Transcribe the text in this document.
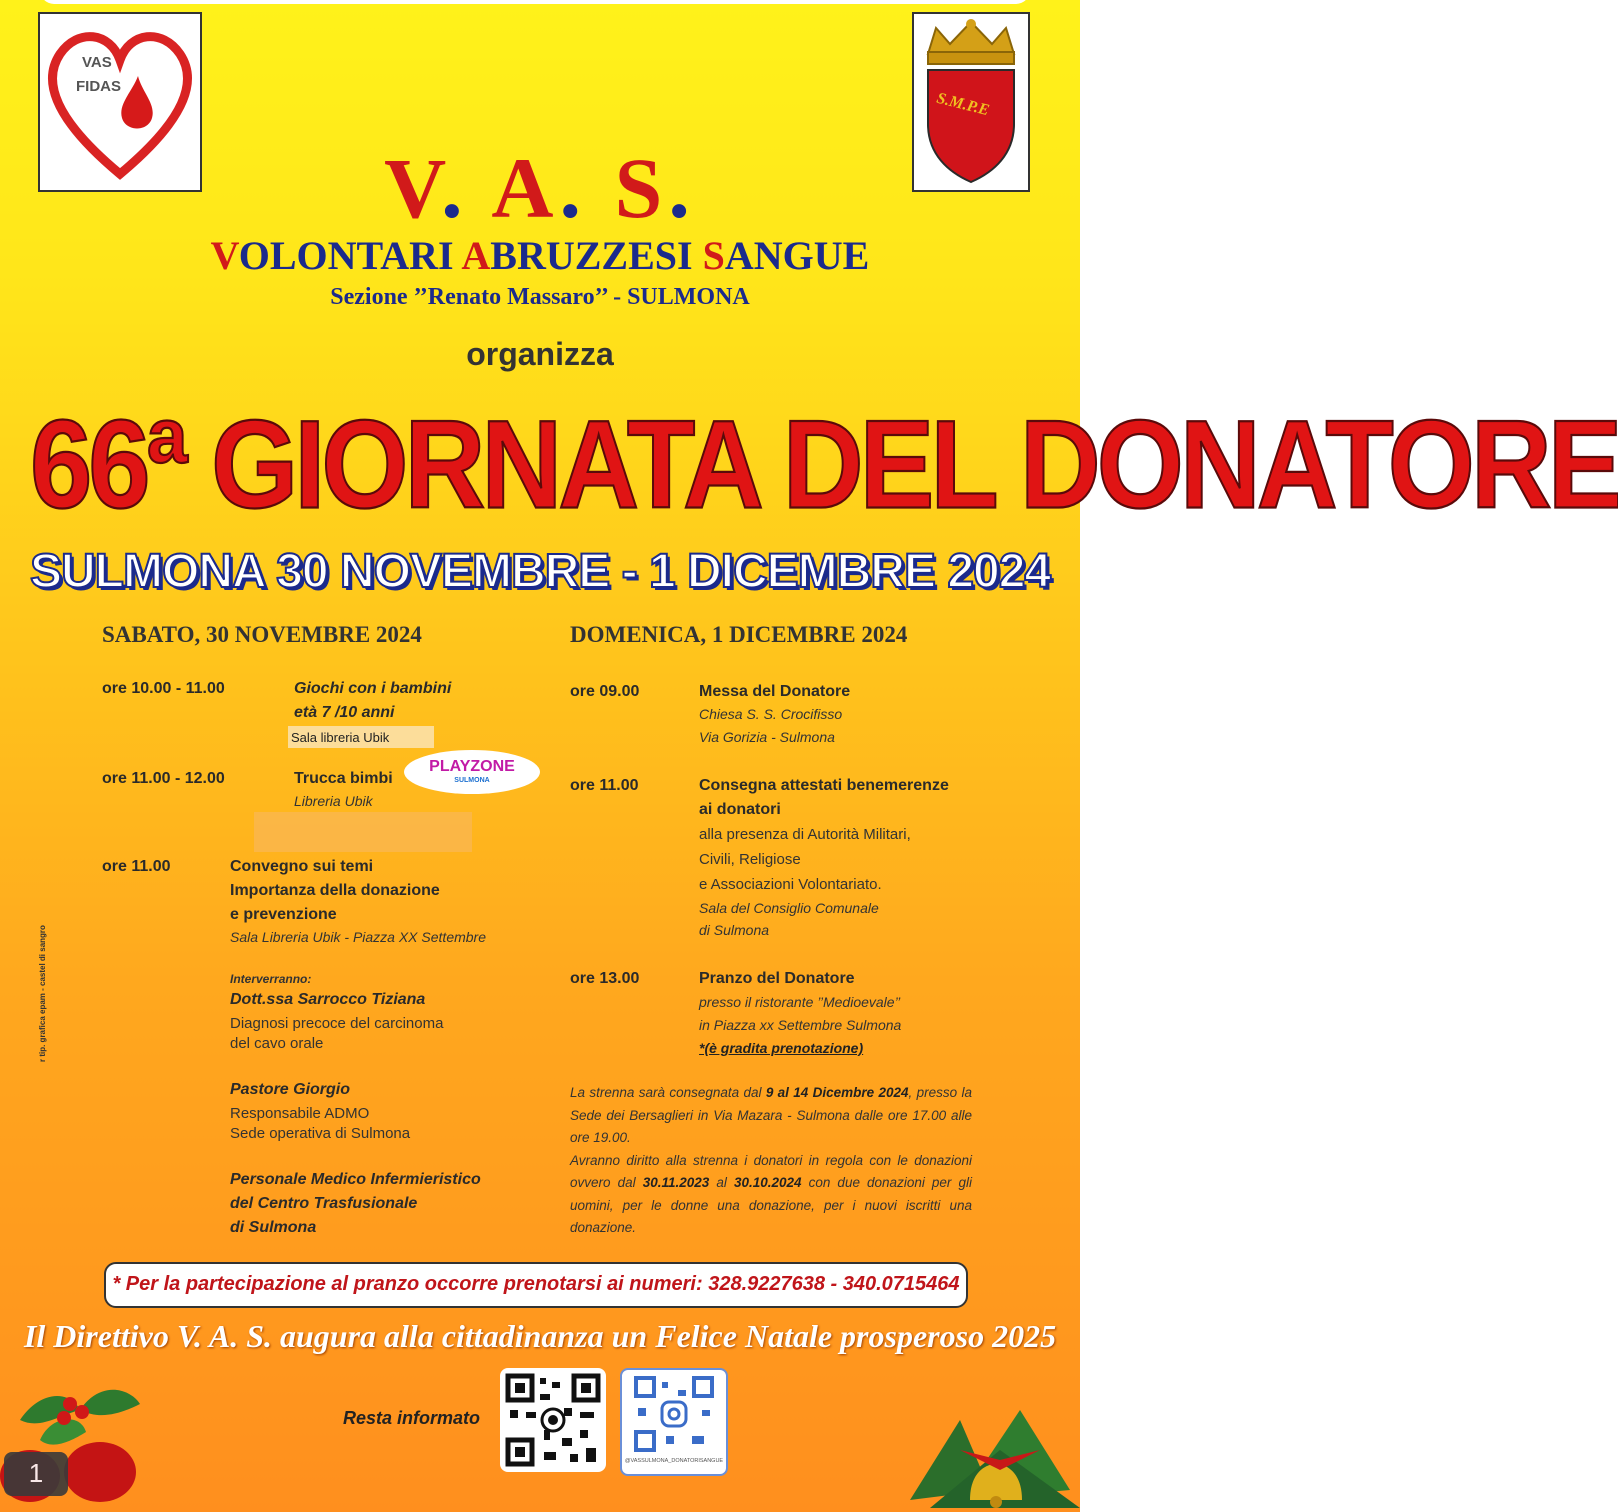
VAS
FIDAS
S.M.P.E
V. A. S.
VOLONTARI ABRUZZESI SANGUE
Sezione ’’Renato Massaro’’ - SULMONA
organizza
66ª GIORNATA DEL DONATORE
SULMONA 30 NOVEMBRE - 1 DICEMBRE 2024
SABATO, 30 NOVEMBRE 2024
ore 10.00 - 11.00	Giochi con i bambini
età 7 /10 anni
Sala libreria Ubik
PLAYZONE
SULMONA
ore 11.00 - 12.00	Trucca bimbi
Libreria Ubik
ore 11.00	Convegno sui temi
Importanza della donazione
e prevenzione
Sala Libreria Ubik - Piazza XX Settembre
Interverranno:
Dott.ssa Sarrocco Tiziana
Diagnosi precoce del carcinoma
del cavo orale
Pastore Giorgio
Responsabile ADMO
Sede operativa di Sulmona
Personale Medico Infermieristico
del Centro Trasfusionale
di Sulmona
DOMENICA, 1 DICEMBRE 2024
ore 09.00	Messa del Donatore
Chiesa S. S. Crocifisso
Via Gorizia - Sulmona
ore 11.00	Consegna attestati benemerenze
ai donatori
alla presenza di Autorità Militari,
Civili, Religiose
e Associazioni Volontariato.
Sala del Consiglio Comunale
di Sulmona
ore 13.00	Pranzo del Donatore
presso il ristorante ’’Medioevale’’
in Piazza xx Settembre Sulmona
*(è gradita prenotazione)
La strenna sarà consegnata dal 9 al 14 Dicembre 2024, presso la Sede dei Bersaglieri in Via Mazara - Sulmona dalle ore 17.00 alle ore 19.00.
Avranno diritto alla strenna i donatori in regola con le donazioni ovvero dal 30.11.2023 al 30.10.2024 con due donazioni per gli uomini, per le donne una donazione, per i nuovi iscritti una donazione.
* Per la partecipazione al pranzo occorre prenotarsi ai numeri: 328.9227638 - 340.0715464
Il Direttivo V. A. S. augura alla cittadinanza un Felice Natale prosperoso 2025
r tip. grafica epam - castel di sangro
Resta informato
@VASSULMONA_DONATORISANGUE
1
